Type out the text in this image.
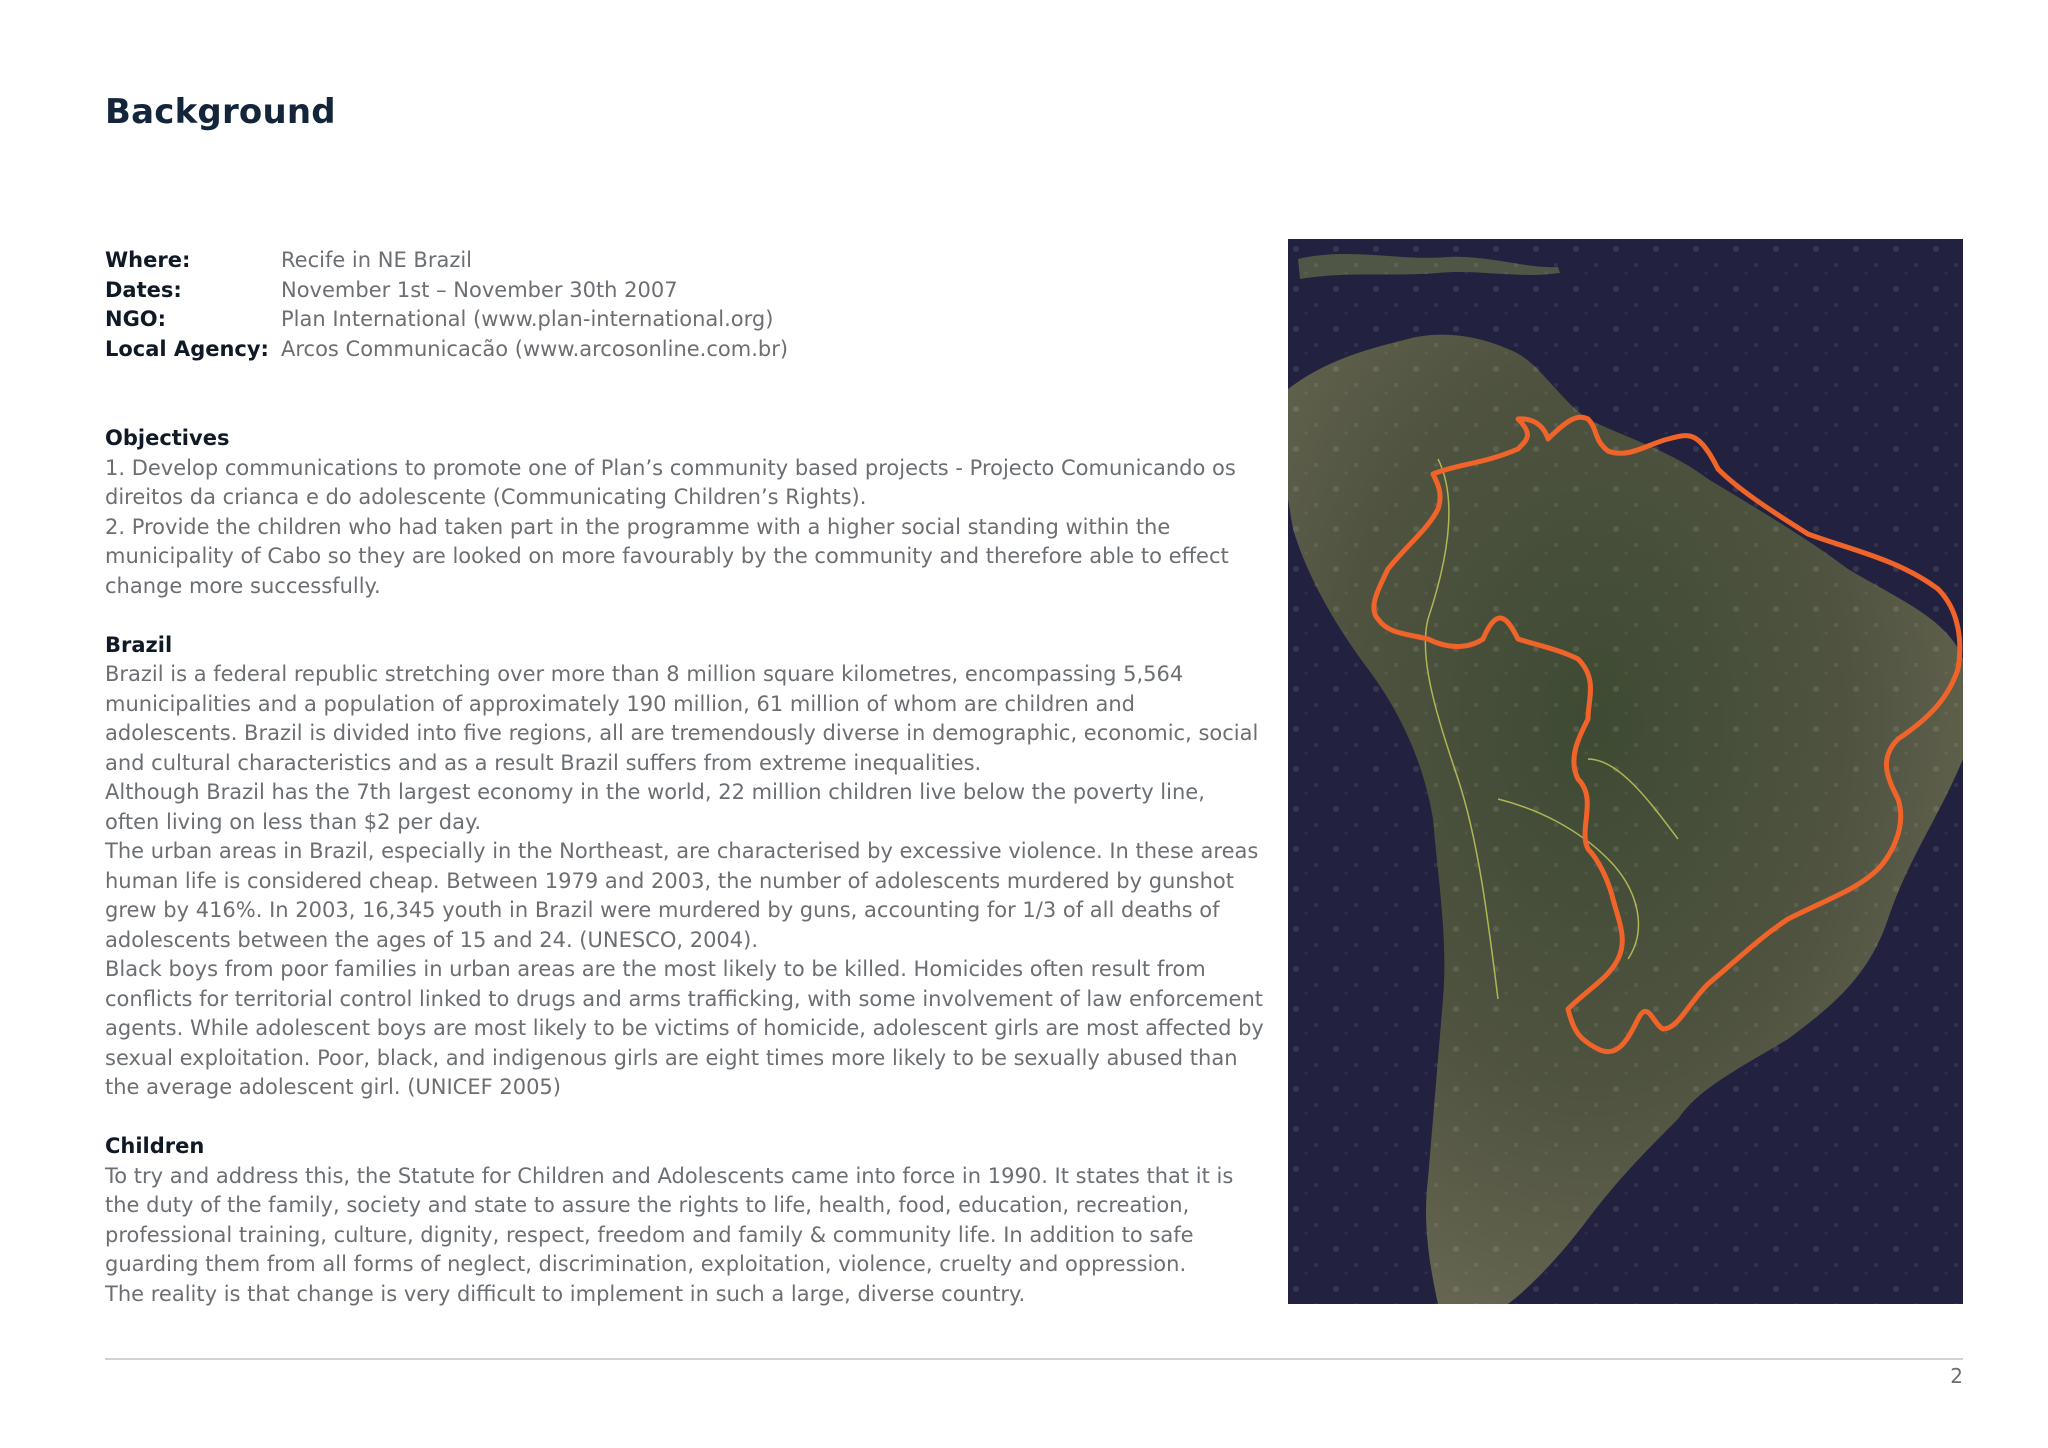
Background
Where:	Recife in NE Brazil
Dates:	November 1st – November 30th 2007
NGO:	Plan International (www.plan-international.org)
Local Agency: Arcos Communicacão (www.arcosonline.com.br)
Objectives

1. Develop communications to promote one of Plan’s community based projects - Projecto Comunicando os direitos da crianca e do adolescente (Communicating Children’s Rights).

2. Provide the children who had taken part in the programme with a higher social standing within the municipality of Cabo so they are looked on more favourably by the community and therefore able to effect change more successfully.

Brazil

Brazil is a federal republic stretching over more than 8 million square kilometres, encompassing 5,564 municipalities and a population of approximately 190 million, 61 million of whom are children and adolescents. Brazil is divided into five regions, all are tremendously diverse in demographic, economic, social and cultural characteristics and as a result Brazil suffers from extreme inequalities.

Although Brazil has the 7th largest economy in the world, 22 million children live below the poverty line, often living on less than $2 per day.

The urban areas in Brazil, especially in the Northeast, are characterised by excessive violence. In these areas human life is considered cheap. Between 1979 and 2003, the number of adolescents murdered by gunshot grew by 416%. In 2003, 16,345 youth in Brazil were murdered by guns, accounting for 1/3 of all deaths of adolescents between the ages of 15 and 24. (UNESCO, 2004).

Black boys from poor families in urban areas are the most likely to be killed. Homicides often result from conflicts for territorial control linked to drugs and arms trafficking, with some involvement of law enforcement agents. While adolescent boys are most likely to be victims of homicide, adolescent girls are most affected by sexual exploitation. Poor, black, and indigenous girls are eight times more likely to be sexually abused than the average adolescent girl. (UNICEF 2005)

Children

To try and address this, the Statute for Children and Adolescents came into force in 1990. It states that it is the duty of the family, society and state to assure the rights to life, health, food, education, recreation, professional training, culture, dignity, respect, freedom and family & community life. In addition to safe guarding them from all forms of neglect, discrimination, exploitation, violence, cruelty and oppression.

The reality is that change is very difficult to implement in such a large, diverse country.

2
